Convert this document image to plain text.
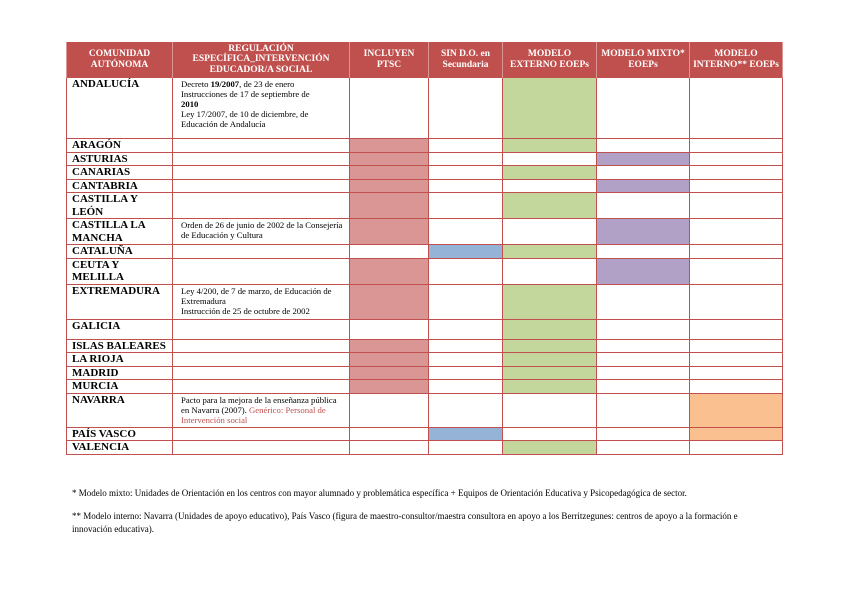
COMUNIDAD AUTÓNOMA	REGULACIÓN ESPECÍFICA_INTERVENCIÓN EDUCADOR/A SOCIAL	INCLUYEN PTSC	SIN D.O. en Secundaria	MODELO EXTERNO EOEPs	MODELO MIXTO* EOEPs	MODELO INTERNO** EOEPs
ANDALUCÍA	Decreto 19/2007, de 23 de enero
Instrucciones de 17 de septiembre de
2010
Ley 17/2007, de 10 de diciembre, de Educación de Andalucía					
ARAGÓN						
ASTURIAS						
CANARIAS						
CANTABRIA						
CASTILLA Y LEÓN						
CASTILLA LA MANCHA	Orden de 26 de junio de 2002 de la Consejería de Educación y Cultura					
CATALUÑA						
CEUTA Y MELILLA						
EXTREMADURA	Ley 4/200, de 7 de marzo, de Educación de Extremadura
Instrucción de 25 de octubre de 2002					
GALICIA						
ISLAS BALEARES						
LA RIOJA						
MADRID						
MURCIA						
NAVARRA	Pacto para la mejora de la enseñanza pública en Navarra (2007). Genérico: Personal de Intervención social					
PAÍS VASCO						
VALENCIA						

* Modelo mixto: Unidades de Orientación en los centros con mayor alumnado y problemática específica + Equipos de Orientación Educativa y Psicopedagógica de sector.

** Modelo interno: Navarra (Unidades de apoyo educativo), País Vasco (figura de maestro-consultor/maestra consultora en apoyo a los Berritzegunes: centros de apoyo a la formación e innovación educativa).
